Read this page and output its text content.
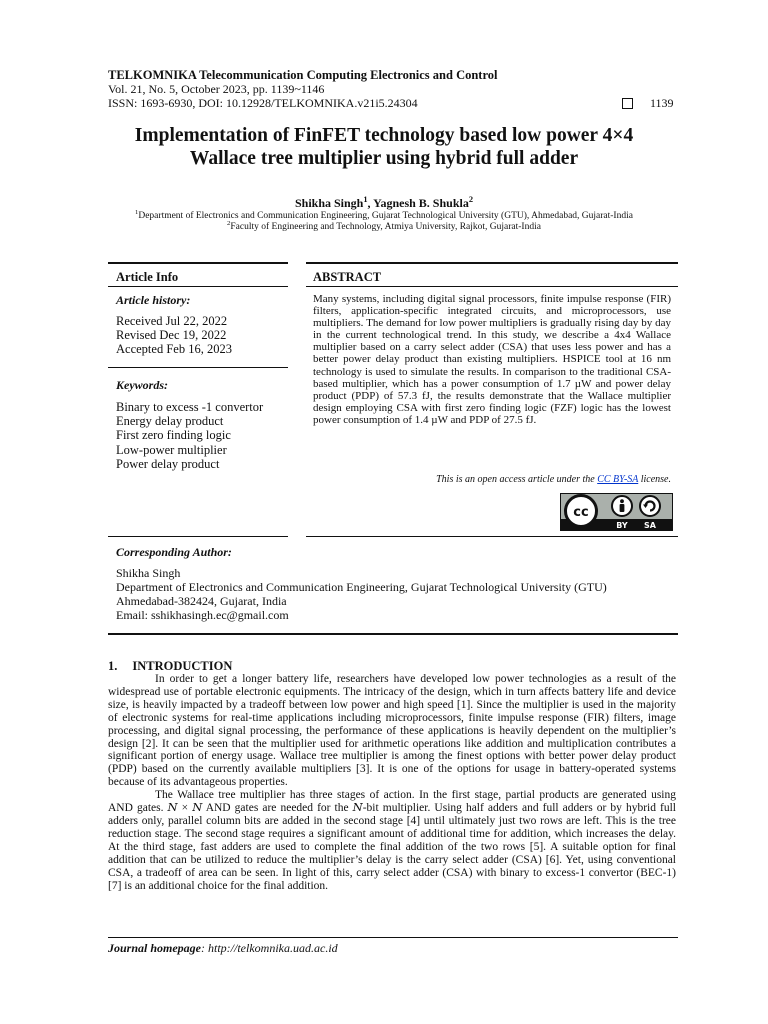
TELKOMNIKA Telecommunication Computing Electronics and Control
Vol. 21, No. 5, October 2023, pp. 1139~1146
ISSN: 1693-6930, DOI: 10.12928/TELKOMNIKA.v21i5.24304	1139
Implementation of FinFET technology based low power 4×4
Wallace tree multiplier using hybrid full adder
Shikha Singh$^1$, Yagnesh B. Shukla$^2$
$^1$Department of Electronics and Communication Engineering, Gujarat Technological University (GTU), Ahmedabad, Gujarat-India
$^2$Faculty of Engineering and Technology, Atmiya University, Rajkot, Gujarat-India
Article Info
Article history:
Received Jul 22, 2022
Revised Dec 19, 2022
Accepted Feb 16, 2023
Keywords:
Binary to excess -1 convertor
Energy delay product
First zero finding logic
Low-power multiplier
Power delay product
ABSTRACT
Many systems, including digital signal processors, finite impulse response (FIR) filters, application-specific integrated circuits, and microprocessors, use multipliers. The demand for low power multipliers is gradually rising day by day in the current technological trend. In this study, we describe a 4x4 Wallace multiplier based on a carry select adder (CSA) that uses less power and has a better power delay product than existing multipliers. HSPICE tool at 16 nm technology is used to simulate the results. In comparison to the traditional CSA-based multiplier, which has a power consumption of 1.7 µW and power delay product (PDP) of 57.3 fJ, the results demonstrate that the Wallace multiplier design employing CSA with first zero finding logic (FZF) logic has the lowest power consumption of 1.4 µW and PDP of 27.5 fJ.
This is an open access article under the CC BY-SA license.
cc
BY SA
Corresponding Author:
Shikha Singh
Department of Electronics and Communication Engineering, Gujarat Technological University (GTU)
Ahmedabad-382424, Gujarat, India
Email: sshikhasingh.ec@gmail.com
1. INTRODUCTION

In order to get a longer battery life, researchers have developed low power technologies as a result of the widespread use of portable electronic equipments. The intricacy of the design, which in turn affects battery life and device size, is heavily impacted by a tradeoff between low power and high speed [1]. Since the multiplier is used in the majority of electronic systems for real-time applications including microprocessors, finite impulse response (FIR) filters, image processing, and digital signal processing, the performance of these applications is heavily dependent on the multiplier’s design [2]. It can be seen that the multiplier used for arithmetic operations like addition and multiplication contributes a significant portion of energy usage. Wallace tree multiplier is among the finest options with better power delay product (PDP) based on the currently available multipliers [3]. It is one of the options for usage in battery-operated systems because of its advantageous properties.

The Wallace tree multiplier has three stages of action. In the first stage, partial products are generated using AND gates. 𝑁 × 𝑁 AND gates are needed for the 𝑁-bit multiplier. Using half adders and full adders or by hybrid full adders only, parallel column bits are added in the second stage [4] until ultimately just two rows are left. This is the tree reduction stage. The second stage requires a significant amount of additional time for addition, which increases the delay. At the third stage, fast adders are used to complete the final addition of the two rows [5]. A suitable option for final addition that can be utilized to reduce the multiplier’s delay is the carry select adder (CSA) [6]. Yet, using conventional CSA, a tradeoff of area can be seen. In light of this, carry select adder (CSA) with binary to excess-1 convertor (BEC-1) [7] is an additional choice for the final addition.

Journal homepage: http://telkomnika.uad.ac.id
